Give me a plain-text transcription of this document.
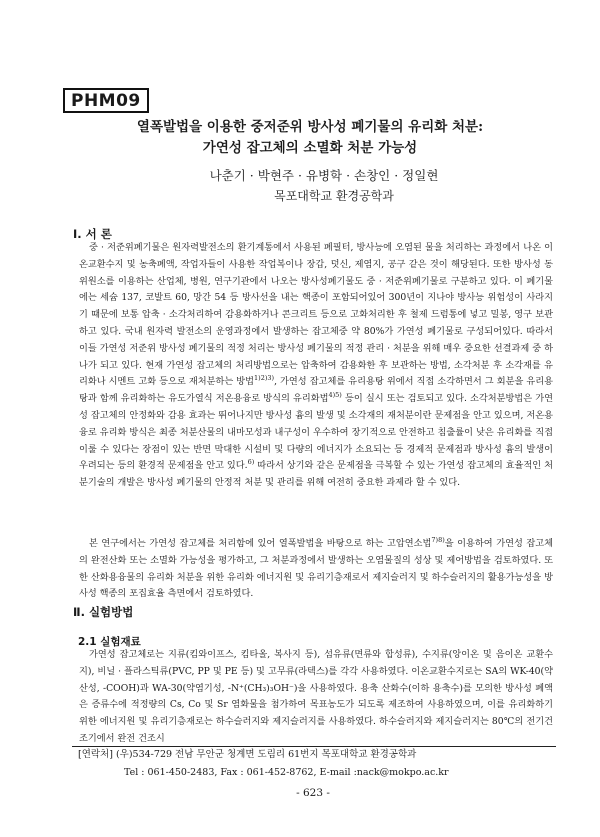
PHM09
열폭발법을 이용한 중저준위 방사성 폐기물의 유리화 처분:
가연성 잡고체의 소멸화 처분 가능성
나춘기 · 박현주 · 유병학 · 손창인 · 정일현
목포대학교 환경공학과
Ⅰ. 서 론

중 · 저준위폐기물은 원자력발전소의 환기계통에서 사용된 폐필터, 방사능에 오염된 물을 처리하는 과정에서 나온 이온교환수지 및 농축폐액, 작업자들이 사용한 작업복이나 장갑, 덧신, 제염지, 공구 같은 것이 해당된다. 또한 방사성 동위원소를 이용하는 산업체, 병원, 연구기관에서 나오는 방사성폐기물도 중 · 저준위폐기물로 구분하고 있다. 이 폐기물에는 세슘 137, 코발트 60, 망간 54 등 방사선을 내는 핵종이 포함되어있어 300년이 지나야 방사능 위험성이 사라지기 때문에 보통 압축 · 소각처리하여 감용화하거나 콘크리트 등으로 고화처리한 후 철제 드럼통에 넣고 밀봉, 영구 보관하고 있다. 국내 원자력 발전소의 운영과정에서 발생하는 잡고체중 약 80%가 가연성 폐기물로 구성되어있다. 따라서 이들 가연성 저준위 방사성 폐기물의 적정 처리는 방사성 폐기물의 적정 관리 · 처분을 위해 매우 중요한 선결과제 중 하나가 되고 있다. 현재 가연성 잡고체의 처리방법으로는 압축하여 감용화한 후 보관하는 방법, 소각처분 후 소각재를 유리화나 시멘트 고화 등으로 재처분하는 방법$^{1)2)3)}$, 가연성 잡고체를 유리용탕 위에서 직접 소각하면서 그 회분을 유리용탕과 함께 유리화하는 유도가열식 저온용융로 방식의 유리화법$^{4)5)}$ 등이 실시 또는 검토되고 있다. 소각처분방법은 가연성 잡고체의 안정화와 감용 효과는 뛰어나지만 방사성 흄의 발생 및 소각재의 재처분이란 문제점을 안고 있으며, 저온용융로 유리화 방식은 최종 처분산물의 내마모성과 내구성이 우수하여 장기적으로 안전하고 침출률이 낮은 유리화를 직접 이룰 수 있다는 장점이 있는 반면 막대한 시설비 및 다량의 에너지가 소요되는 등 경제적 문제점과 방사성 흄의 발생이 우려되는 등의 환경적 문제점을 안고 있다.$^{6)}$ 따라서 상기와 같은 문제점을 극복할 수 있는 가연성 잡고체의 효율적인 처분기술의 개발은 방사성 폐기물의 안정적 처분 및 관리를 위해 여전히 중요한 과제라 할 수 있다.

본 연구에서는 가연성 잡고체를 처리함에 있어 열폭발법을 바탕으로 하는 고압연소법$^{7)8)}$을 이용하여 가연성 잡고체의 완전산화 또는 소멸화 가능성을 평가하고, 그 처분과정에서 발생하는 오염물질의 성상 및 제어방법을 검토하였다. 또한 산화용융물의 유리화 처분을 위한 유리화 에너지원 및 유리기층재로서 제지슬러지 및 하수슬러지의 활용가능성을 방사성 핵종의 포집효율 측면에서 검토하였다.

Ⅱ. 실험방법
2.1 실험재료

가연성 잡고체로는 지류(킴와이프스, 킴타올, 복사지 등), 섬유류(면류와 합성류), 수지류(앙이온 및 음이온 교환수지), 비닐 · 플라스틱류(PVC, PP 및 PE 등) 및 고무류(라텍스)를 각각 사용하였다. 이온교환수지로는 SA의 WK-40(약산성, -COOH)과 WA-30(약염기성, -N⁺(CH₃)₃OH⁻)을 사용하였다. 용축 산화수(이하 용축수)를 모의한 방사성 폐액은 증류수에 적정량의 Cs, Co 및 Sr 염화물을 첨가하여 목표농도가 되도록 제조하여 사용하였으며, 이를 유리화하기 위한 에너지원 및 유리기층재로는 하수슬러지와 제지슬러지를 사용하였다. 하수슬러지와 제지슬러지는 80℃의 전기건조기에서 완전 건조시

[연락처] (우)534-729 전남 무안군 청계면 도림리 61번지 목포대학교 환경공학과
Tel : 061-450-2483, Fax : 061-452-8762, E-mail :nack@mokpo.ac.kr
- 623 -
